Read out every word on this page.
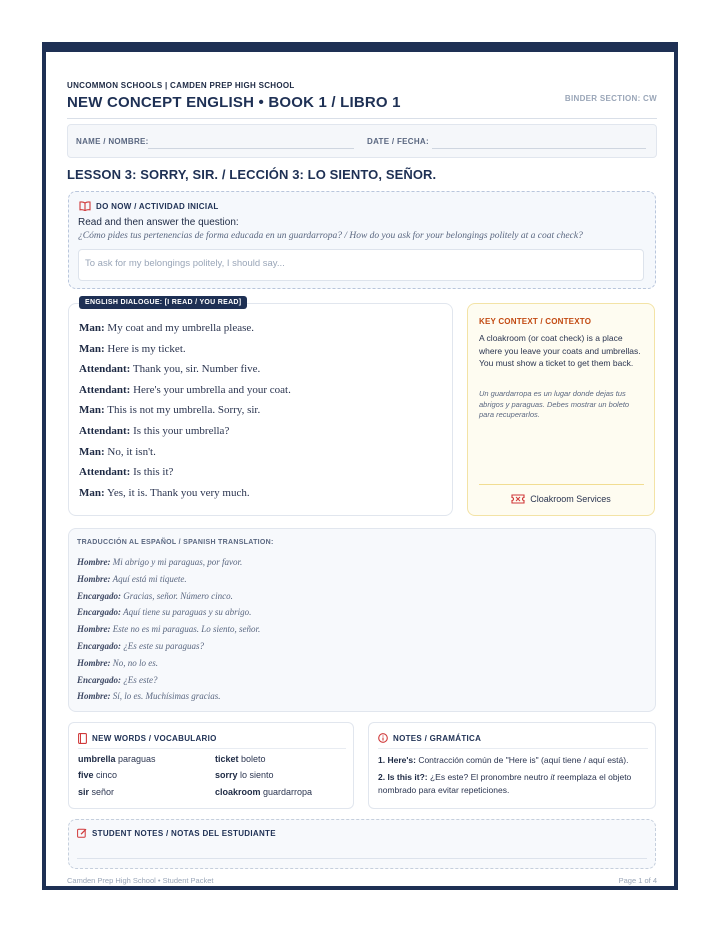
UNCOMMON SCHOOLS | CAMDEN PREP HIGH SCHOOL
NEW CONCEPT ENGLISH • BOOK 1 / LIBRO 1	BINDER SECTION: CW
NAME / NOMBRE:	DATE / FECHA:
LESSON 3: SORRY, SIR. / LECCIÓN 3: LO SIENTO, SEÑOR.
DO NOW / ACTIVIDAD INICIAL
Read and then answer the question:
¿Cómo pides tus pertenencias de forma educada en un guardarropa? / How do you ask for your belongings politely at a coat check?
To ask for my belongings politely, I should say...
ENGLISH DIALOGUE: [I READ / YOU READ]
Man: My coat and my umbrella please.
Man: Here is my ticket.
Attendant: Thank you, sir. Number five.
Attendant: Here's your umbrella and your coat.
Man: This is not my umbrella. Sorry, sir.
Attendant: Is this your umbrella?
Man: No, it isn't.
Attendant: Is this it?
Man: Yes, it is. Thank you very much.
KEY CONTEXT / CONTEXTO
A cloakroom (or coat check) is a place where you leave your coats and umbrellas. You must show a ticket to get them back.
Un guardarropa es un lugar donde dejas tus abrigos y paraguas. Debes mostrar un boleto para recuperarlos.
Cloakroom Services
TRADUCCIÓN AL ESPAÑOL / SPANISH TRANSLATION:
Hombre: Mi abrigo y mi paraguas, por favor.
Hombre: Aquí está mi tiquete.
Encargado: Gracias, señor. Número cinco.
Encargado: Aquí tiene su paraguas y su abrigo.
Hombre: Este no es mi paraguas. Lo siento, señor.
Encargado: ¿Es este su paraguas?
Hombre: No, no lo es.
Encargado: ¿Es este?
Hombre: Sí, lo es. Muchísimas gracias.
NEW WORDS / VOCABULARIO
umbrella paraguas	ticket boleto
five cinco	sorry lo siento
sir señor	cloakroom guardarropa
NOTES / GRAMÁTICA
1. Here's: Contracción común de "Here is" (aquí tiene / aquí está).
2. Is this it?: ¿Es este? El pronombre neutro it reemplaza el objeto nombrado para evitar repeticiones.
STUDENT NOTES / NOTAS DEL ESTUDIANTE
Camden Prep High School • Student Packet	Page 1 of 4
